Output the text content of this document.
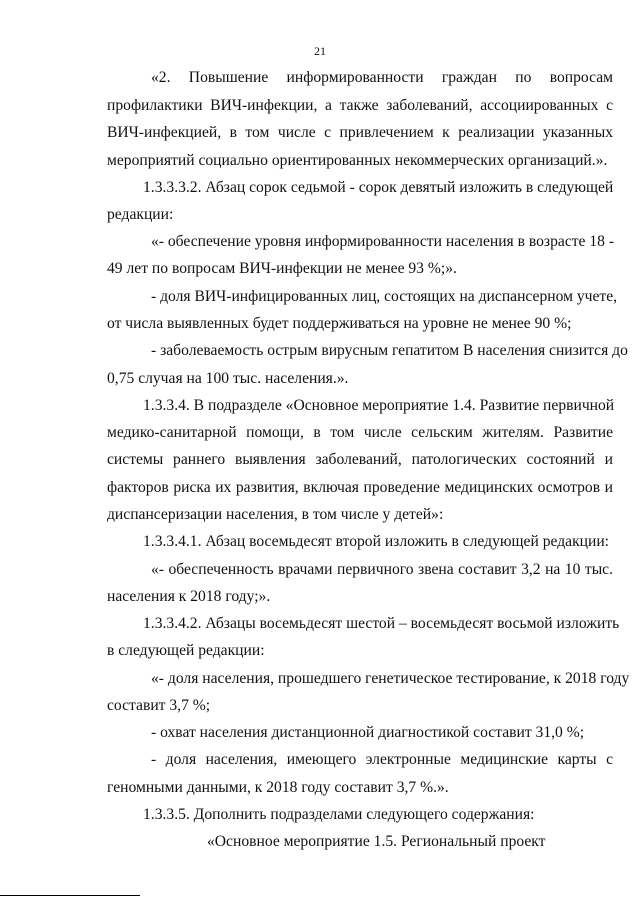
21
«2. Повышение информированности граждан по вопросам
профилактики ВИЧ-инфекции, а также заболеваний, ассоциированных с
ВИЧ-инфекцией, в том числе с привлечением к реализации указанных
мероприятий социально ориентированных некоммерческих организаций.».
1.3.3.3.2. Абзац сорок седьмой - сорок девятый изложить в следующей
редакции:
«- обеспечение уровня информированности населения в возрасте 18 -
49 лет по вопросам ВИЧ-инфекции не менее 93 %;».
- доля ВИЧ-инфицированных лиц, состоящих на диспансерном учете,
от числа выявленных будет поддерживаться на уровне не менее 90 %;
- заболеваемость острым вирусным гепатитом В населения снизится до
0,75 случая на 100 тыс. населения.».
1.3.3.4. В подразделе «Основное мероприятие 1.4. Развитие первичной
медико-санитарной помощи, в том числе сельским жителям. Развитие
системы раннего выявления заболеваний, патологических состояний и
факторов риска их развития, включая проведение медицинских осмотров и
диспансеризации населения, в том числе у детей»:
1.3.3.4.1. Абзац восемьдесят второй изложить в следующей редакции:
«- обеспеченность врачами первичного звена составит 3,2 на 10 тыс.
населения к 2018 году;».
1.3.3.4.2. Абзацы восемьдесят шестой – восемьдесят восьмой изложить
в следующей редакции:
«- доля населения, прошедшего генетическое тестирование, к 2018 году
составит 3,7 %;
- охват населения дистанционной диагностикой составит 31,0 %;
- доля населения, имеющего электронные медицинские карты с
геномными данными, к 2018 году составит 3,7 %.».
1.3.3.5. Дополнить подразделами следующего содержания:
«Основное мероприятие 1.5. Региональный проект
